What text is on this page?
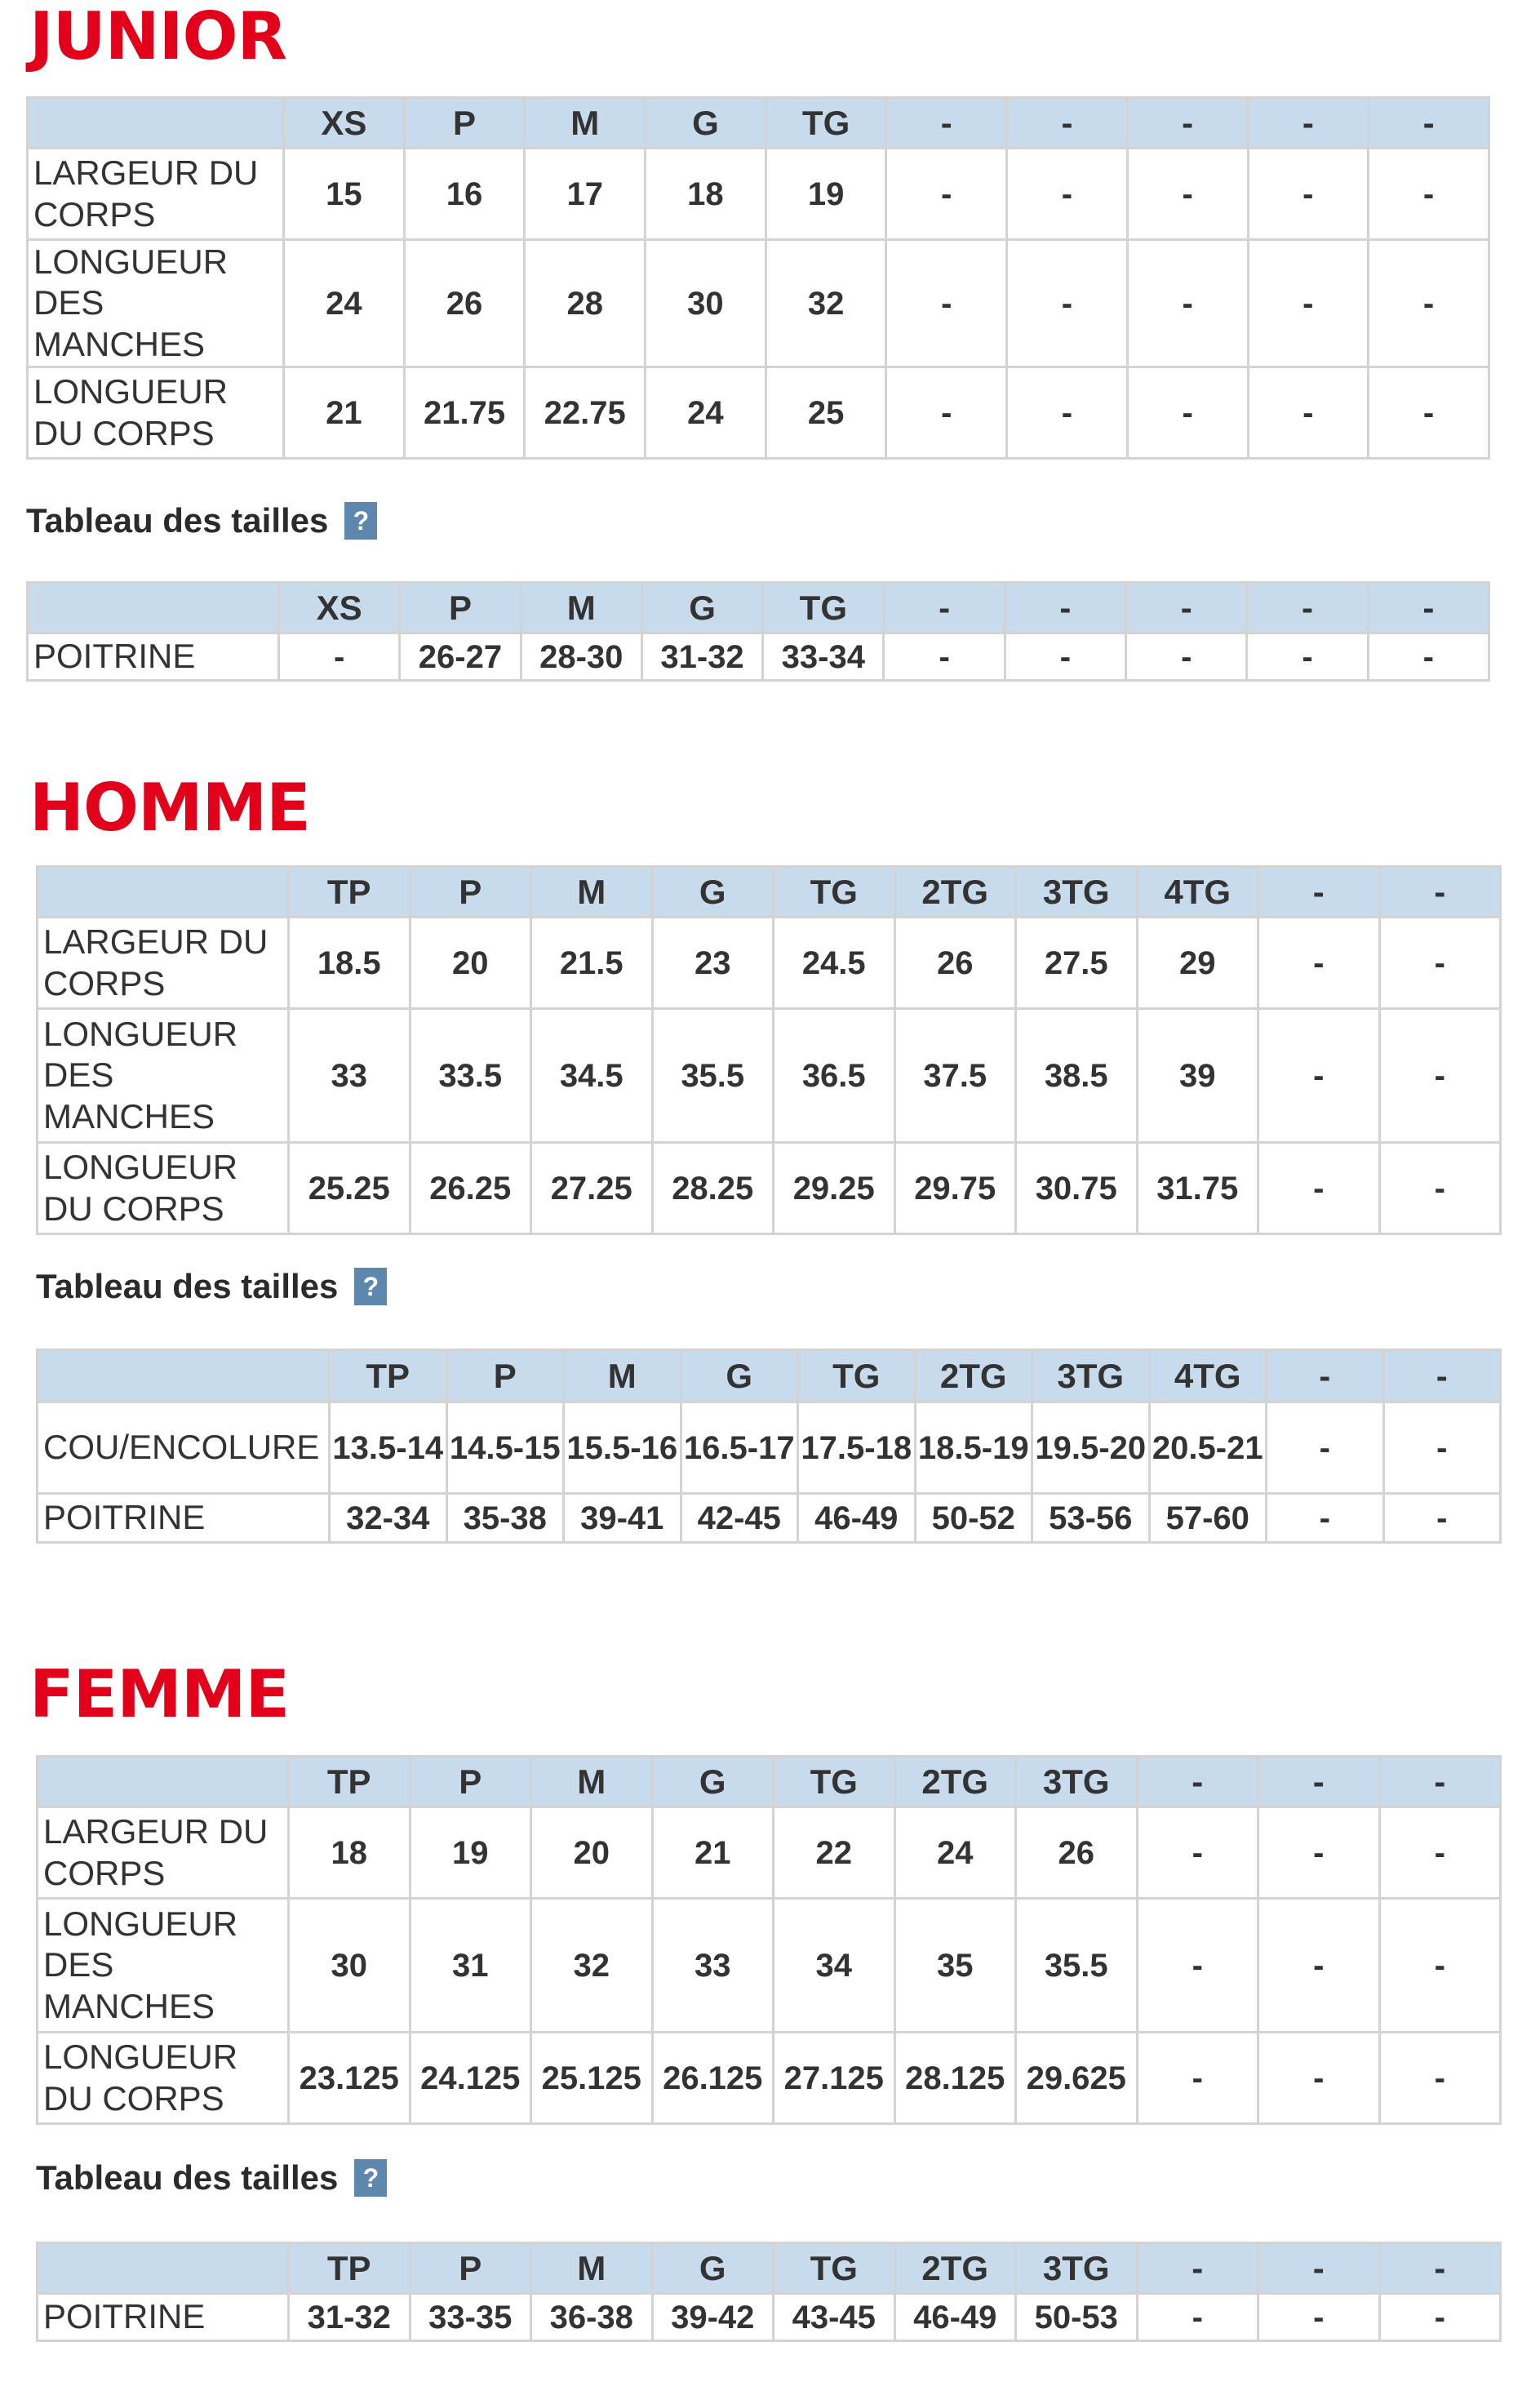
JUNIOR
	XS	P	M	G	TG	-	-	-	-	-
LARGEUR DU CORPS	15	16	17	18	19	-	-	-	-	-
LONGUEUR DES MANCHES	24	26	28	30	32	-	-	-	-	-
LONGUEUR DU CORPS	21	21.75	22.75	24	25	-	-	-	-	-
Tableau des tailles ?
	XS	P	M	G	TG	-	-	-	-	-
POITRINE	-	26-27	28-30	31-32	33-34	-	-	-	-	-
HOMME
	TP	P	M	G	TG	2TG	3TG	4TG	-	-
LARGEUR DU CORPS	18.5	20	21.5	23	24.5	26	27.5	29	-	-
LONGUEUR DES MANCHES	33	33.5	34.5	35.5	36.5	37.5	38.5	39	-	-
LONGUEUR DU CORPS	25.25	26.25	27.25	28.25	29.25	29.75	30.75	31.75	-	-
Tableau des tailles ?
	TP	P	M	G	TG	2TG	3TG	4TG	-	-
COU/ENCOLURE	13.5-14	14.5-15	15.5-16	16.5-17	17.5-18	18.5-19	19.5-20	20.5-21	-	-
POITRINE	32-34	35-38	39-41	42-45	46-49	50-52	53-56	57-60	-	-
FEMME
	TP	P	M	G	TG	2TG	3TG	-	-	-
LARGEUR DU CORPS	18	19	20	21	22	24	26	-	-	-
LONGUEUR DES MANCHES	30	31	32	33	34	35	35.5	-	-	-
LONGUEUR DU CORPS	23.125	24.125	25.125	26.125	27.125	28.125	29.625	-	-	-
Tableau des tailles ?
	TP	P	M	G	TG	2TG	3TG	-	-	-
POITRINE	31-32	33-35	36-38	39-42	43-45	46-49	50-53	-	-	-
